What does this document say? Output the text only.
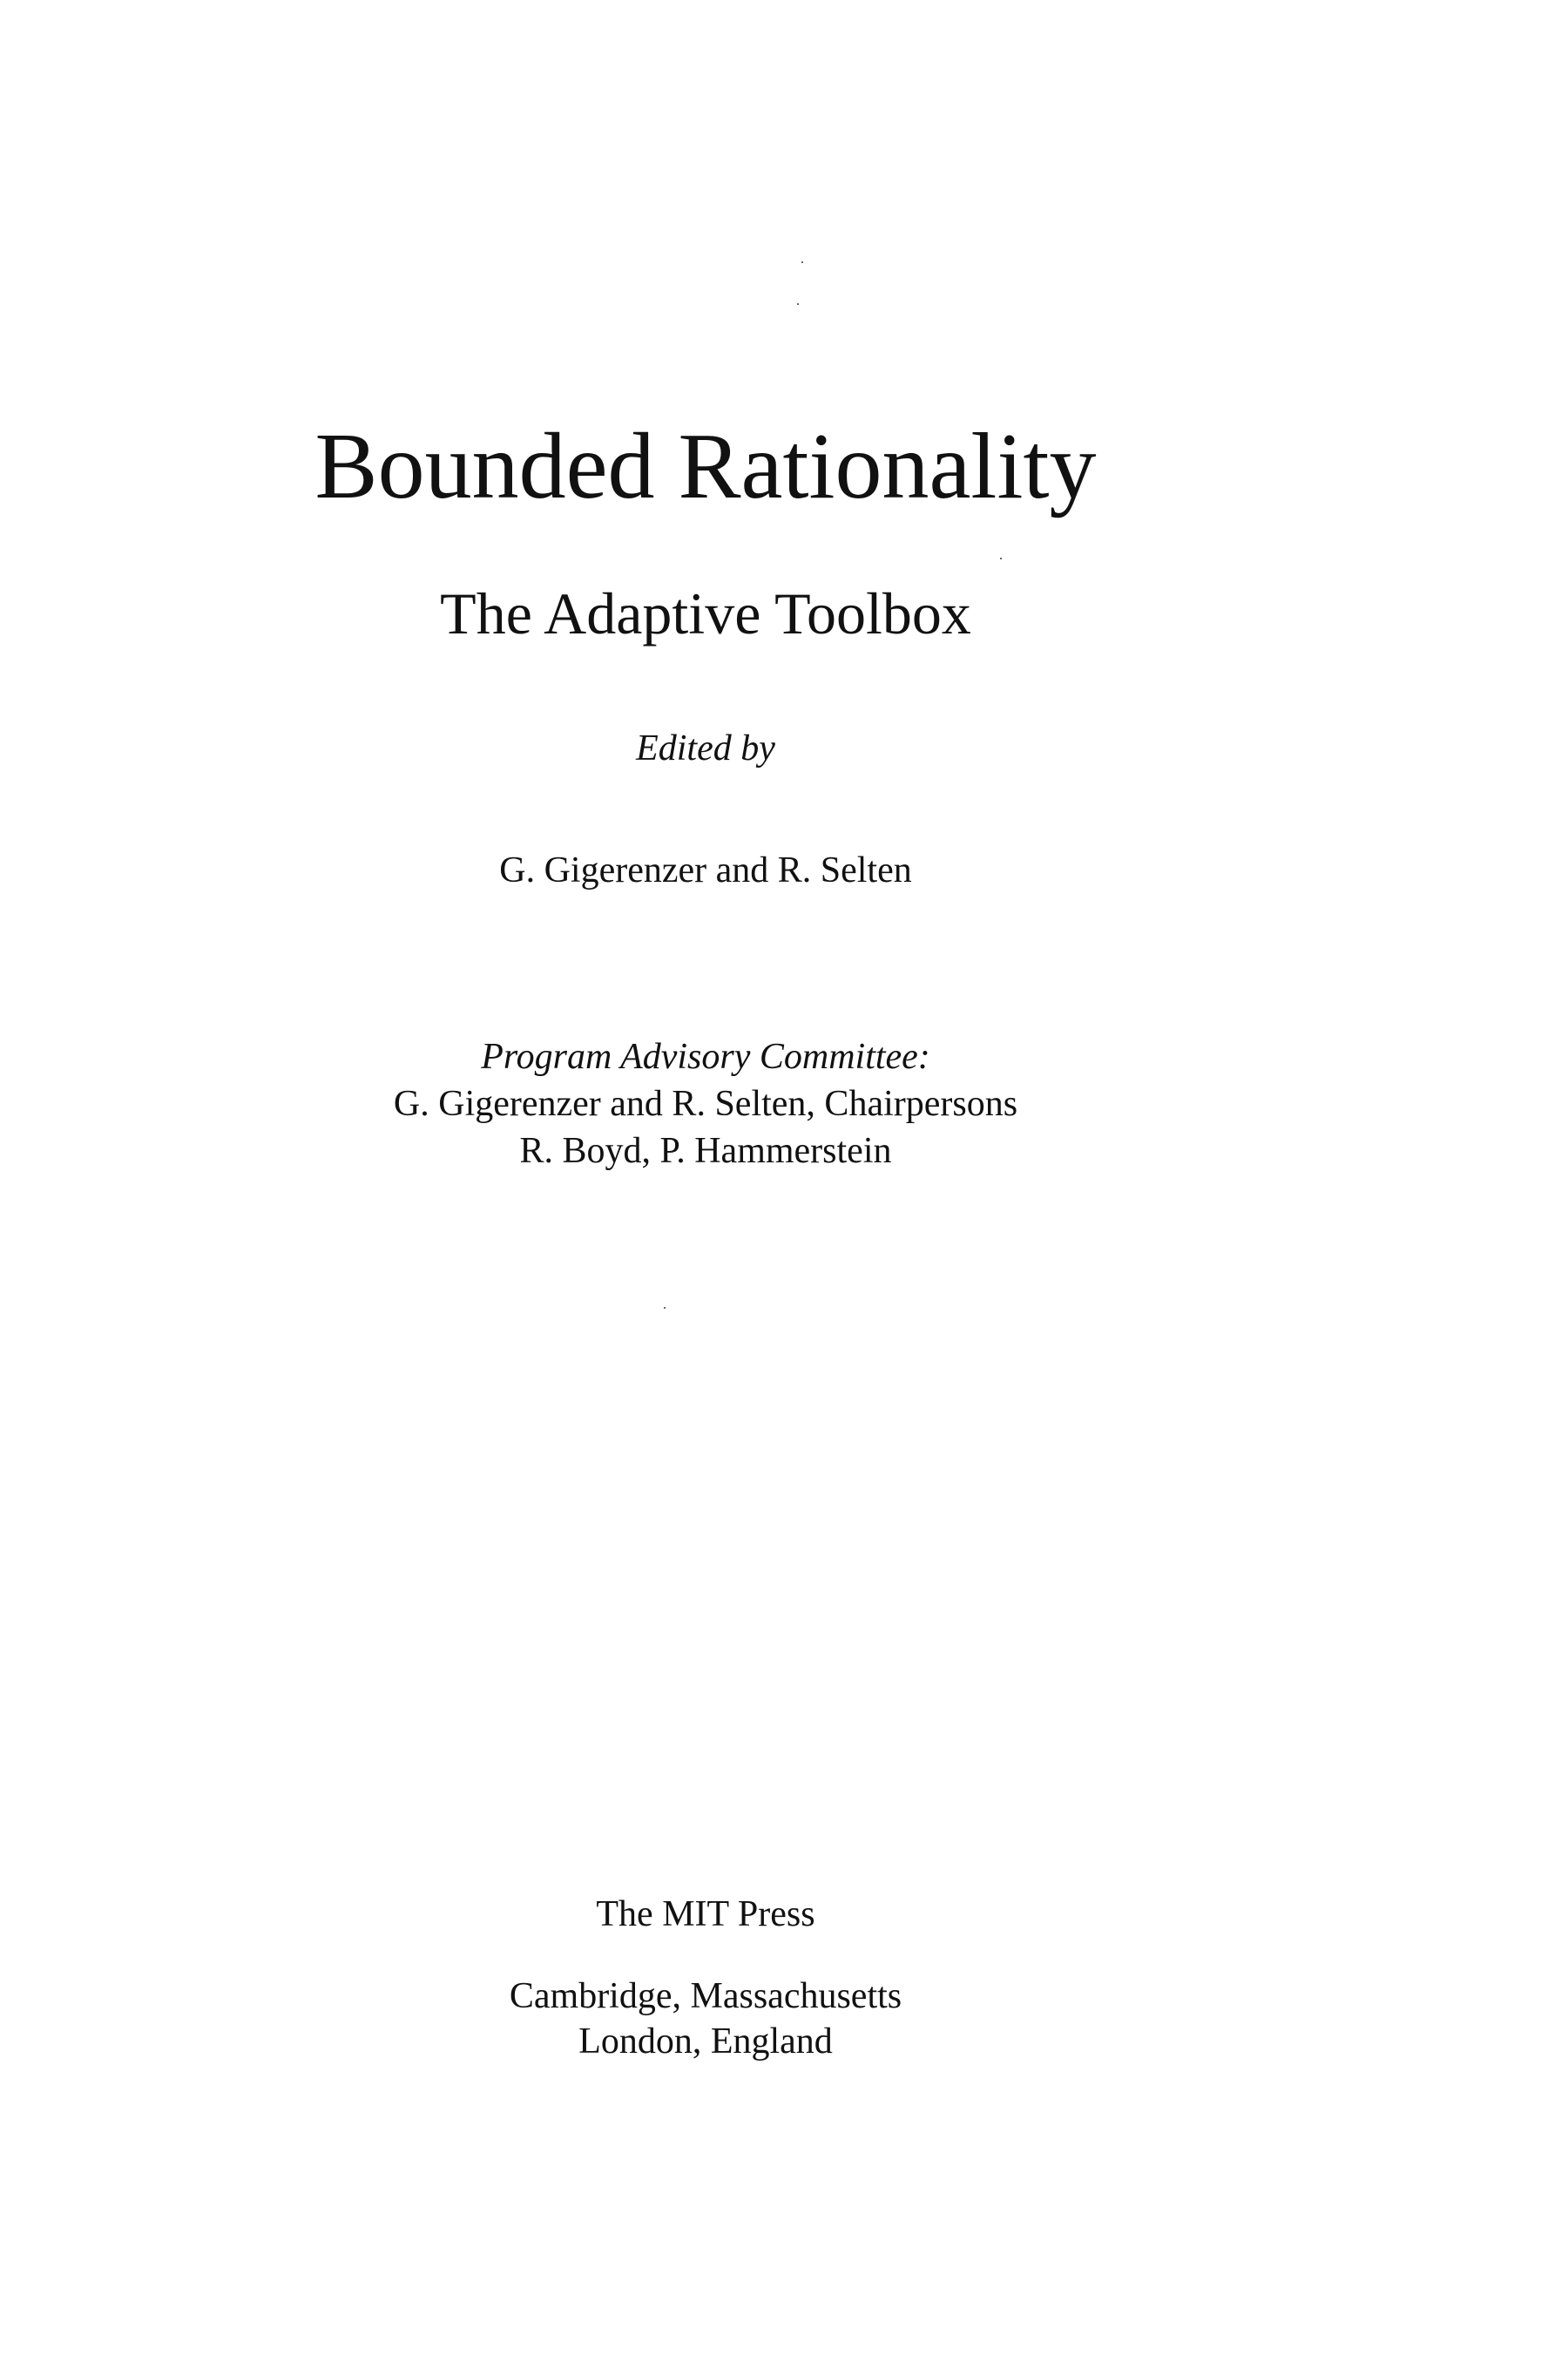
Bounded Rationality
The Adaptive Toolbox
Edited by
G. Gigerenzer and R. Selten
Program Advisory Committee:
G. Gigerenzer and R. Selten, Chairpersons
R. Boyd, P. Hammerstein
The MIT Press
Cambridge, Massachusetts
London, England
